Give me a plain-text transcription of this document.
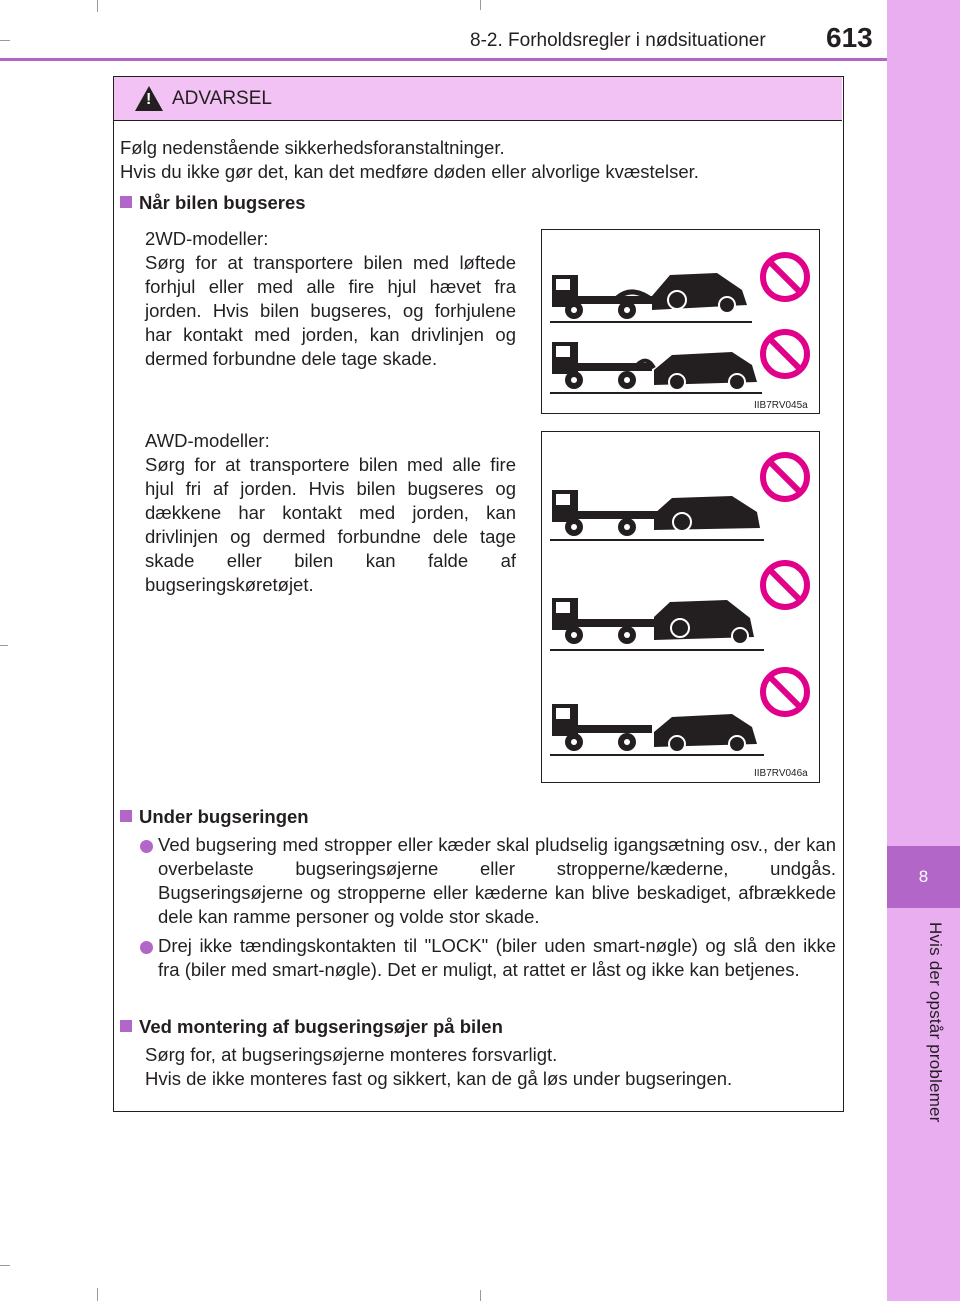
8
Hvis der opstår problemer
8-2. Forholdsregler i nødsituationer 613
!
ADVARSEL
Følg nedenstående sikkerhedsforanstaltninger.
Hvis du ikke gør det, kan det medføre døden eller alvorlige kvæstelser.
Når bilen bugseres
2WD-modeller:
Sørg for at transportere bilen med løftede forhjul eller med alle fire hjul hævet fra jorden. Hvis bilen bugseres, og forhjulene har kontakt med jorden, kan drivlinjen og dermed forbundne dele tage skade.
IIB7RV045a
AWD-modeller:
Sørg for at transportere bilen med alle fire hjul fri af jorden. Hvis bilen bugseres og dækkene har kontakt med jorden, kan drivlinjen og dermed forbundne dele tage skade eller bilen kan falde af bugseringskøretøjet.
IIB7RV046a
Under bugseringen
Ved bugsering med stropper eller kæder skal pludselig igangsætning osv., der kan overbelaste bugseringsøjerne eller stropperne/kæderne, undgås. Bugseringsøjerne og stropperne eller kæderne kan blive beskadiget, afbrækkede dele kan ramme personer og volde stor skade.
Drej ikke tændingskontakten til "LOCK" (biler uden smart-nøgle) og slå den ikke fra (biler med smart-nøgle). Det er muligt, at rattet er låst og ikke kan betjenes.
Ved montering af bugseringsøjer på bilen
Sørg for, at bugseringsøjerne monteres forsvarligt.
Hvis de ikke monteres fast og sikkert, kan de gå løs under bugseringen.
